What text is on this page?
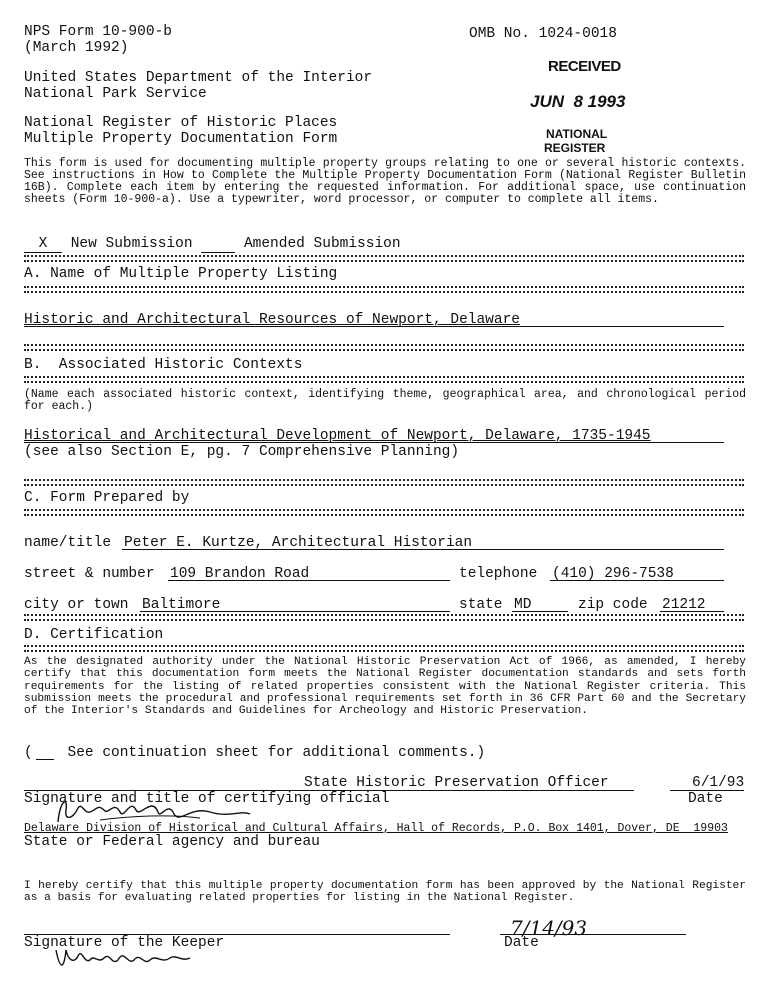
NPS Form 10-900-b
(March 1992)
OMB No. 1024-0018
United States Department of the Interior
National Park Service
National Register of Historic Places
Multiple Property Documentation Form
RECEIVED
JUN  8 1993
NATIONAL
REGISTER
This form is used for documenting multiple property groups relating to one or several historic contexts. See instructions in How to Complete the Multiple Property Documentation Form (National Register Bulletin 16B). Complete each item by entering the requested information. For additional space, use continuation sheets (Form 10-900-a). Use a typewriter, word processor, or computer to complete all items.
X New Submission	Amended Submission
A. Name of Multiple Property Listing
Historic and Architectural Resources of Newport, Delaware
B.  Associated Historic Contexts
(Name each associated historic context, identifying theme, geographical area, and chronological period for each.)
Historical and Architectural Development of Newport, Delaware, 1735-1945
(see also Section E, pg. 7 Comprehensive Planning)
C. Form Prepared by
name/title Peter E. Kurtze, Architectural Historian
street & number 109 Brandon Road	telephone (410) 296-7538
city or town Baltimore	state MD	zip code 21212
D. Certification
As the designated authority under the National Historic Preservation Act of 1966, as amended, I hereby certify that this documentation form meets the National Register documentation standards and sets forth requirements for the listing of related properties consistent with the National Register criteria. This submission meets the procedural and professional requirements set forth in 36 CFR Part 60 and the Secretary of the Interior's Standards and Guidelines for Archeology and Historic Preservation.
(    See continuation sheet for additional comments.)

State Historic Preservation Officer	6/1/93
Signature and title of certifying official	Date
Delaware Division of Historical and Cultural Affairs, Hall of Records, P.O. Box 1401, Dover, DE  19903
State or Federal agency and bureau
I hereby certify that this multiple property documentation form has been approved by the National Register as a basis for evaluating related properties for listing in the National Register.

7/14/93
Signature of the Keeper	Date
